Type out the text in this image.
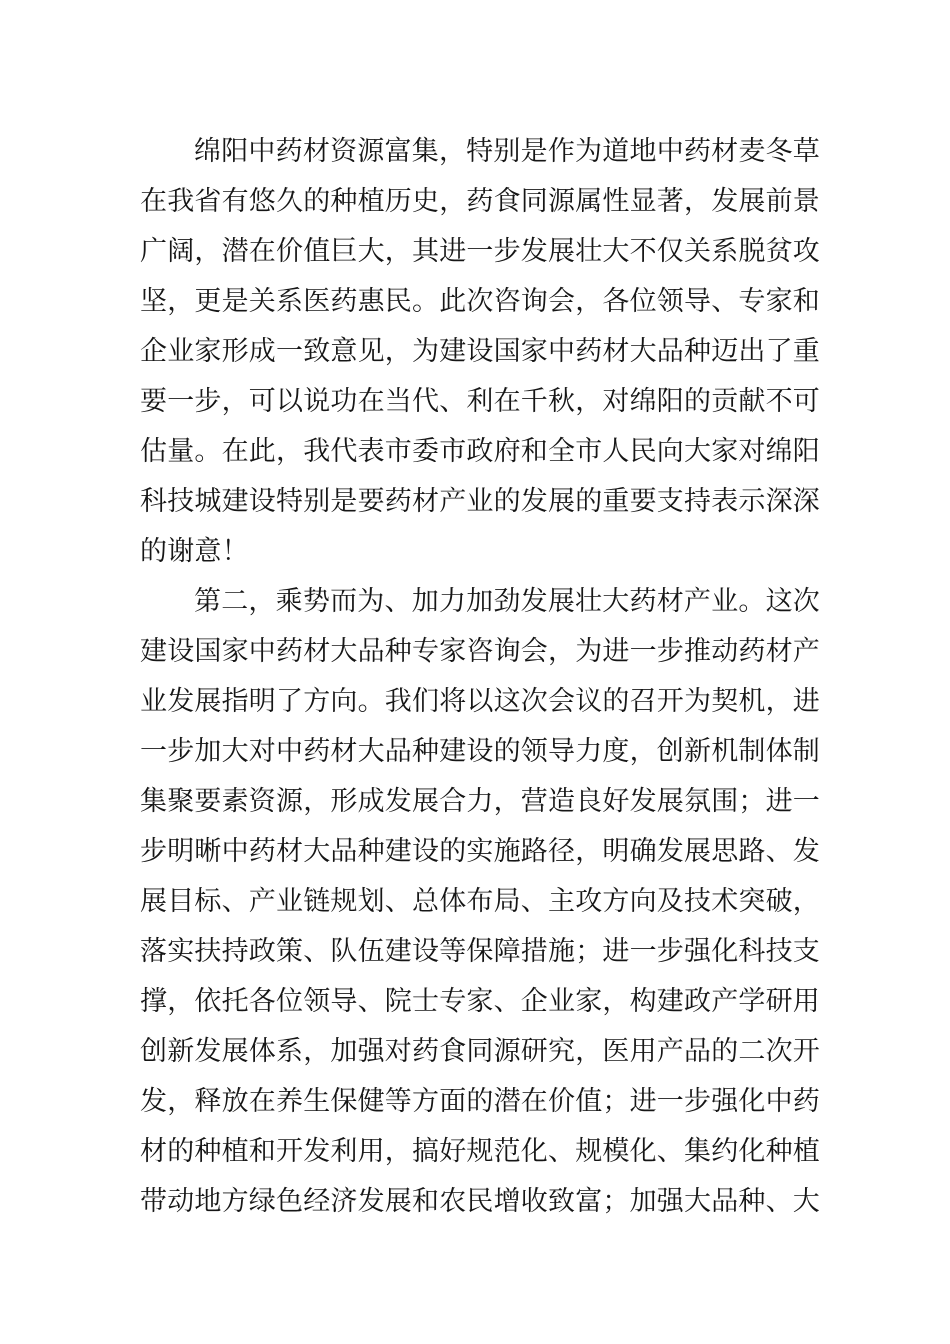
绵阳中药材资源富集，特别是作为道地中药材麦冬草在我省有悠久的种植历史，药食同源属性显著，发展前景广阔，潜在价值巨大，其进一步发展壮大不仅关系脱贫攻坚，更是关系医药惠民。此次咨询会，各位领导、专家和企业家形成一致意见，为建设国家中药材大品种迈出了重要一步，可以说功在当代、利在千秋，对绵阳的贡献不可估量。在此，我代表市委市政府和全市人民向大家对绵阳科技城建设特别是要药材产业的发展的重要支持表示深深的谢意！

第二，乘势而为、加力加劲发展壮大药材产业。这次建设国家中药材大品种专家咨询会，为进一步推动药材产业发展指明了方向。我们将以这次会议的召开为契机，进一步加大对中药材大品种建设的领导力度，创新机制体制集聚要素资源，形成发展合力，营造良好发展氛围；进一步明晰中药材大品种建设的实施路径，明确发展思路、发展目标、产业链规划、总体布局、主攻方向及技术突破，落实扶持政策、队伍建设等保障措施；进一步强化科技支撑，依托各位领导、院士专家、企业家，构建政产学研用创新发展体系，加强对药食同源研究，医用产品的二次开发，释放在养生保健等方面的潜在价值；进一步强化中药材的种植和开发利用，搞好规范化、规模化、集约化种植带动地方绿色经济发展和农民增收致富；加强大品种、大
